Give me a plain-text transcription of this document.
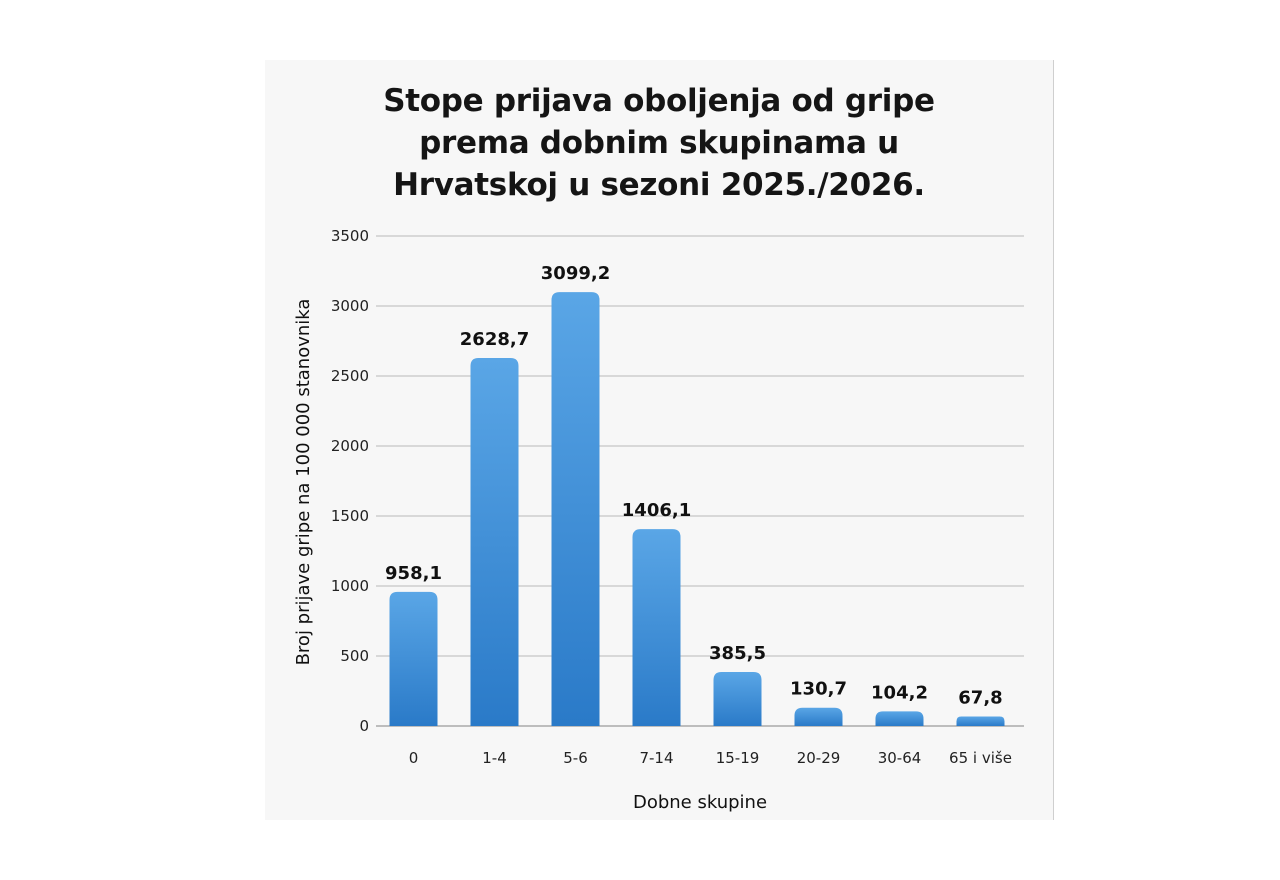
Stope prijava oboljenja od gripe
prema dobnim skupinama u
Hrvatskoj u sezoni 2025./2026.
0
500
1000
1500
2000
2500
3000
3500
958,1
2628,7
3099,2
1406,1
385,5
130,7 104,2 67,8
0	1-4	5-6	7-14	15-19 20-29 30-64 65 i više
Dobne skupine
Broj prijave gripe na 100 000 stanovnika
